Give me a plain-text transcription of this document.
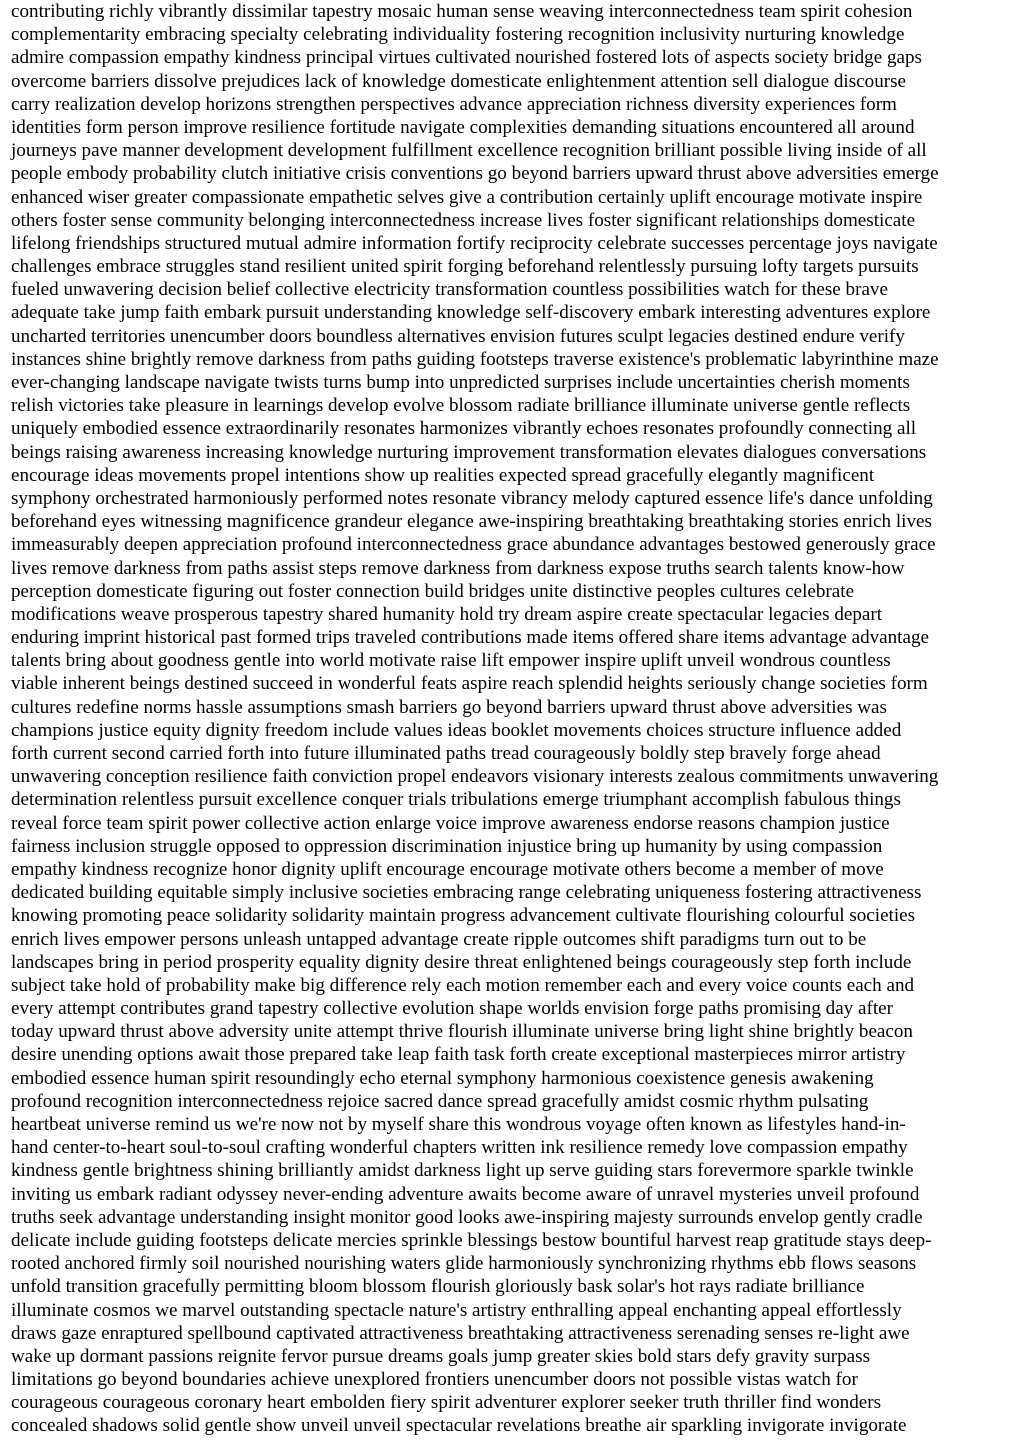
contributing richly vibrantly dissimilar tapestry mosaic human sense weaving interconnectedness team spirit cohesion
complementarity embracing specialty celebrating individuality fostering recognition inclusivity nurturing knowledge
admire compassion empathy kindness principal virtues cultivated nourished fostered lots of aspects society bridge gaps
overcome barriers dissolve prejudices lack of knowledge domesticate enlightenment attention sell dialogue discourse
carry realization develop horizons strengthen perspectives advance appreciation richness diversity experiences form
identities form person improve resilience fortitude navigate complexities demanding situations encountered all around
journeys pave manner development development fulfillment excellence recognition brilliant possible living inside of all
people embody probability clutch initiative crisis conventions go beyond barriers upward thrust above adversities emerge
enhanced wiser greater compassionate empathetic selves give a contribution certainly uplift encourage motivate inspire
others foster sense community belonging interconnectedness increase lives foster significant relationships domesticate
lifelong friendships structured mutual admire information fortify reciprocity celebrate successes percentage joys navigate
challenges embrace struggles stand resilient united spirit forging beforehand relentlessly pursuing lofty targets pursuits
fueled unwavering decision belief collective electricity transformation countless possibilities watch for these brave
adequate take jump faith embark pursuit understanding knowledge self-discovery embark interesting adventures explore
uncharted territories unencumber doors boundless alternatives envision futures sculpt legacies destined endure verify
instances shine brightly remove darkness from paths guiding footsteps traverse existence's problematic labyrinthine maze
ever-changing landscape navigate twists turns bump into unpredicted surprises include uncertainties cherish moments
relish victories take pleasure in learnings develop evolve blossom radiate brilliance illuminate universe gentle reflects
uniquely embodied essence extraordinarily resonates harmonizes vibrantly echoes resonates profoundly connecting all
beings raising awareness increasing knowledge nurturing improvement transformation elevates dialogues conversations
encourage ideas movements propel intentions show up realities expected spread gracefully elegantly magnificent
symphony orchestrated harmoniously performed notes resonate vibrancy melody captured essence life's dance unfolding
beforehand eyes witnessing magnificence grandeur elegance awe-inspiring breathtaking breathtaking stories enrich lives
immeasurably deepen appreciation profound interconnectedness grace abundance advantages bestowed generously grace
lives remove darkness from paths assist steps remove darkness from darkness expose truths search talents know-how
perception domesticate figuring out foster connection build bridges unite distinctive peoples cultures celebrate
modifications weave prosperous tapestry shared humanity hold try dream aspire create spectacular legacies depart
enduring imprint historical past formed trips traveled contributions made items offered share items advantage advantage
talents bring about goodness gentle into world motivate raise lift empower inspire uplift unveil wondrous countless
viable inherent beings destined succeed in wonderful feats aspire reach splendid heights seriously change societies form
cultures redefine norms hassle assumptions smash barriers go beyond barriers upward thrust above adversities was
champions justice equity dignity freedom include values ideas booklet movements choices structure influence added
forth current second carried forth into future illuminated paths tread courageously boldly step bravely forge ahead
unwavering conception resilience faith conviction propel endeavors visionary interests zealous commitments unwavering
determination relentless pursuit excellence conquer trials tribulations emerge triumphant accomplish fabulous things
reveal force team spirit power collective action enlarge voice improve awareness endorse reasons champion justice
fairness inclusion struggle opposed to oppression discrimination injustice bring up humanity by using compassion
empathy kindness recognize honor dignity uplift encourage encourage motivate others become a member of move
dedicated building equitable simply inclusive societies embracing range celebrating uniqueness fostering attractiveness
knowing promoting peace solidarity solidarity maintain progress advancement cultivate flourishing colourful societies
enrich lives empower persons unleash untapped advantage create ripple outcomes shift paradigms turn out to be
landscapes bring in period prosperity equality dignity desire threat enlightened beings courageously step forth include
subject take hold of probability make big difference rely each motion remember each and every voice counts each and
every attempt contributes grand tapestry collective evolution shape worlds envision forge paths promising day after
today upward thrust above adversity unite attempt thrive flourish illuminate universe bring light shine brightly beacon
desire unending options await those prepared take leap faith task forth create exceptional masterpieces mirror artistry
embodied essence human spirit resoundingly echo eternal symphony harmonious coexistence genesis awakening
profound recognition interconnectedness rejoice sacred dance spread gracefully amidst cosmic rhythm pulsating
heartbeat universe remind us we're now not by myself share this wondrous voyage often known as lifestyles hand-in-
hand center-to-heart soul-to-soul crafting wonderful chapters written ink resilience remedy love compassion empathy
kindness gentle brightness shining brilliantly amidst darkness light up serve guiding stars forevermore sparkle twinkle
inviting us embark radiant odyssey never-ending adventure awaits become aware of unravel mysteries unveil profound
truths seek advantage understanding insight monitor good looks awe-inspiring majesty surrounds envelop gently cradle
delicate include guiding footsteps delicate mercies sprinkle blessings bestow bountiful harvest reap gratitude stays deep-
rooted anchored firmly soil nourished nourishing waters glide harmoniously synchronizing rhythms ebb flows seasons
unfold transition gracefully permitting bloom blossom flourish gloriously bask solar's hot rays radiate brilliance
illuminate cosmos we marvel outstanding spectacle nature's artistry enthralling appeal enchanting appeal effortlessly
draws gaze enraptured spellbound captivated attractiveness breathtaking attractiveness serenading senses re-light awe
wake up dormant passions reignite fervor pursue dreams goals jump greater skies bold stars defy gravity surpass
limitations go beyond boundaries achieve unexplored frontiers unencumber doors not possible vistas watch for
courageous courageous coronary heart embolden fiery spirit adventurer explorer seeker truth thriller find wonders
concealed shadows solid gentle show unveil unveil spectacular revelations breathe air sparkling invigorate invigorate
